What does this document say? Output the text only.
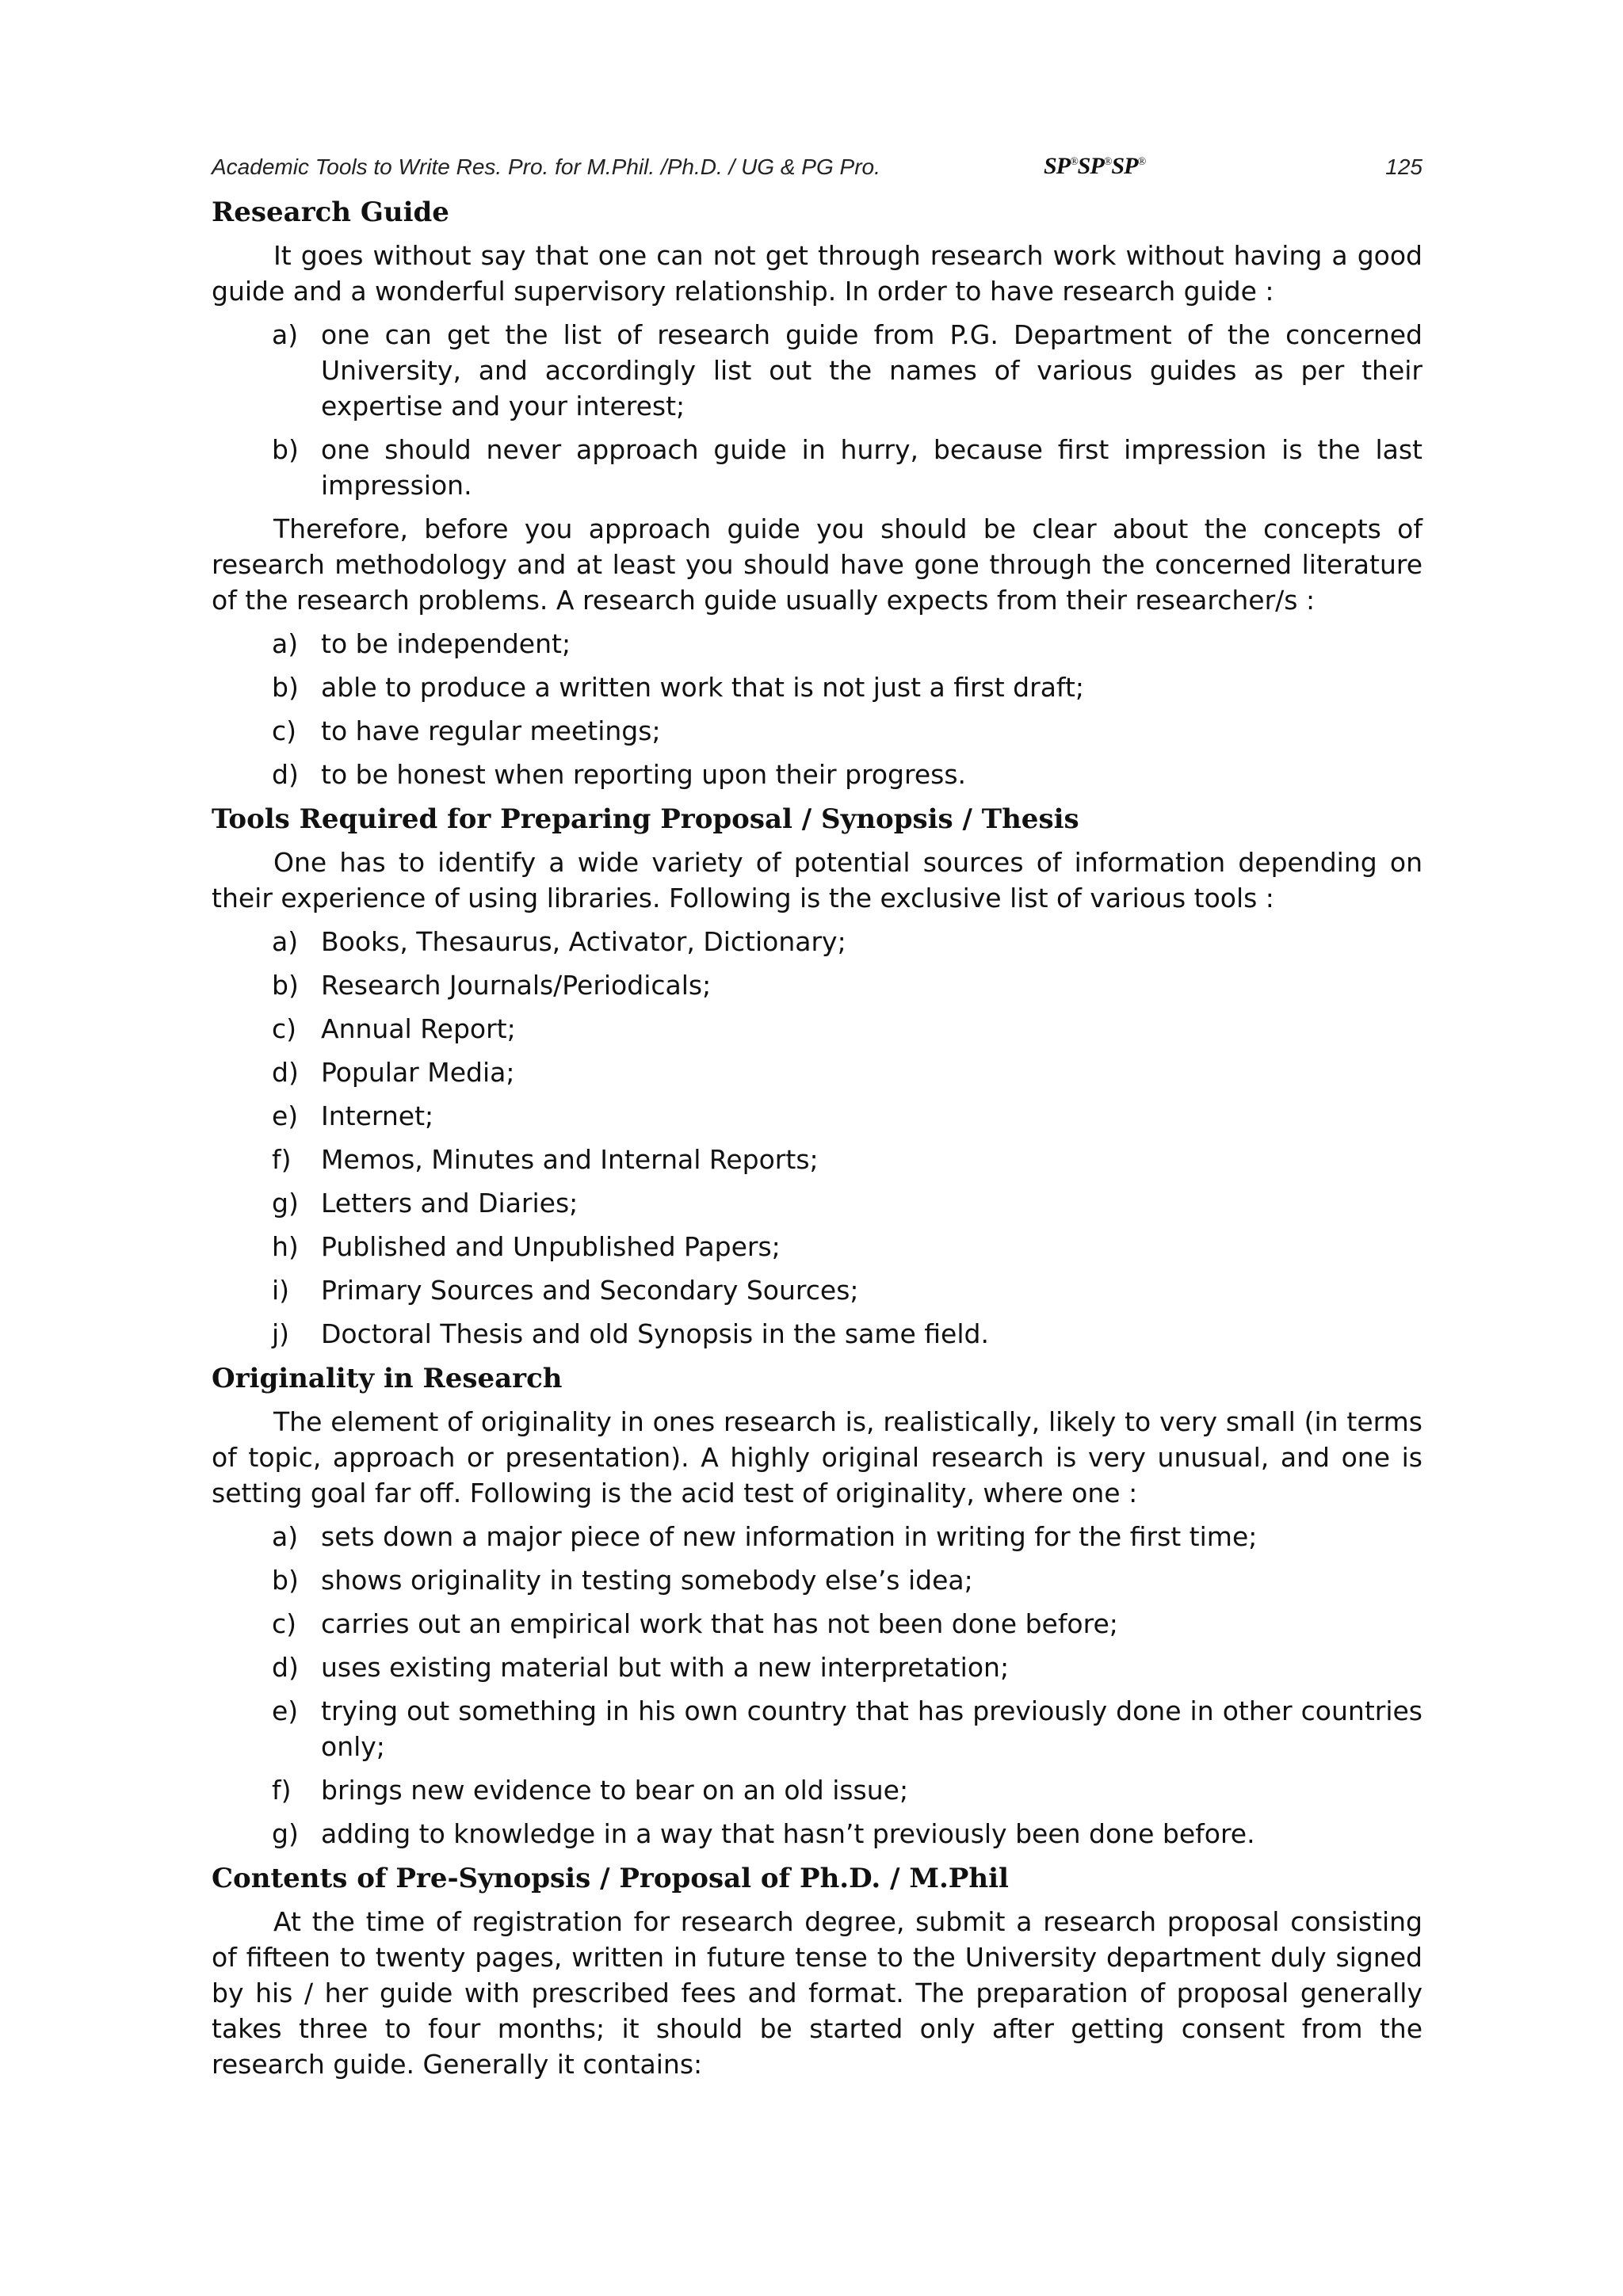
Academic Tools to Write Res. Pro. for M.Phil. /Ph.D. / UG & PG Pro.	SP®SP®SP®	125
Research Guide

It goes without say that one can not get through research work without having a good guide and a wonderful supervisory relationship. In order to have research guide :

a) one can get the list of research guide from P.G. Department of the concerned University, and accordingly list out the names of various guides as per their expertise and your interest;
b) one should never approach guide in hurry, because first impression is the last impression.

Therefore, before you approach guide you should be clear about the concepts of research methodology and at least you should have gone through the concerned literature of the research problems. A research guide usually expects from their researcher/s :

a) to be independent;
b) able to produce a written work that is not just a first draft;
c) to have regular meetings;
d) to be honest when reporting upon their progress.
Tools Required for Preparing Proposal / Synopsis / Thesis

One has to identify a wide variety of potential sources of information depending on their experience of using libraries. Following is the exclusive list of various tools :

a) Books, Thesaurus, Activator, Dictionary;
b) Research Journals/Periodicals;
c) Annual Report;
d) Popular Media;
e) Internet;
f) Memos, Minutes and Internal Reports;
g) Letters and Diaries;
h) Published and Unpublished Papers;
i) Primary Sources and Secondary Sources;
j) Doctoral Thesis and old Synopsis in the same field.
Originality in Research

The element of originality in ones research is, realistically, likely to very small (in terms of topic, approach or presentation). A highly original research is very unusual, and one is setting goal far off. Following is the acid test of originality, where one :

a) sets down a major piece of new information in writing for the first time;
b) shows originality in testing somebody else’s idea;
c) carries out an empirical work that has not been done before;
d) uses existing material but with a new interpretation;
e) trying out something in his own country that has previously done in other countries only;
f) brings new evidence to bear on an old issue;
g) adding to knowledge in a way that hasn’t previously been done before.
Contents of Pre-Synopsis / Proposal of Ph.D. / M.Phil

At the time of registration for research degree, submit a research proposal consisting of fifteen to twenty pages, written in future tense to the University department duly signed by his / her guide with prescribed fees and format. The preparation of proposal generally takes three to four months; it should be started only after getting consent from the research guide. Generally it contains:
